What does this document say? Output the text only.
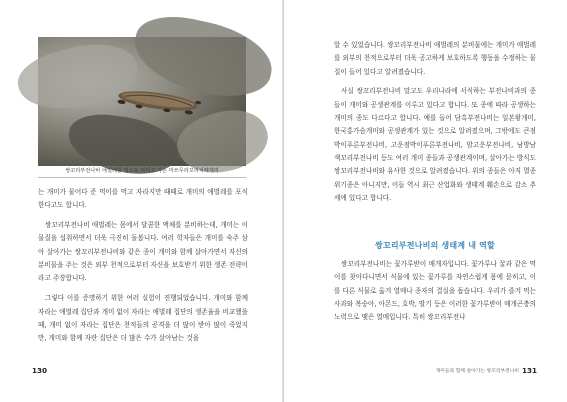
ⓒ 이강운
쌍꼬리부전나비 애벌레를 업으로 데리고 가는 마쓰무라꼬리치레개미

는 개미가 물어다 준 먹이를 먹고 자라지만 때때로 개미의 애벌레를 포식한다고도 합니다.

쌍꼬리부전나비 애벌레는 몸에서 달콤한 액체를 분비하는데, 개미는 이 물질을 섭취하면서 더욱 극진히 돌봅니다. 여러 학자들은 개미를 숙주 삼아 살아가는 쌍꼬리부전나비와 같은 종이 개미와 함께 살아가면서 자신의 분비물을 주는 것은 외부 천적으로부터 자신을 보호받기 위한 생존 전략이라고 주장합니다.

그렇다 이를 증명하기 위한 여러 실험이 진행되었습니다. 개미와 함께 자라는 애벌레 집단과 개미 없이 자라는 애벌레 집단의 생존율을 비교했을 때, 개미 없이 자라는 집단은 천적들의 공격을 더 많이 받아 많이 죽었지만, 개미와 함께 자란 집단은 더 많은 수가 살아남는 것을

130

알 수 있었습니다. 쌍꼬리부전나비 애벌레의 분비물에는 개미가 애벌레를 외부의 천적으로부터 더욱 공고하게 보호하도록 행동을 수정하는 물질이 들어 있다고 알려졌습니다.

사실 쌍꼬리부전나비 말고도 우리나라에 서식하는 부전나비과의 종들이 개미와 공생관계를 이루고 있다고 합니다. 또 종에 따라 공생하는 개미의 종도 다르다고 합니다. 예를 들어 담흑부전나비는 일본왕개미, 한국홍가슴개미와 공생관계가 있는 것으로 알려졌으며, 그밖에도 큰점박이푸른부전나비, 고운점박이푸른부전나비, 암고운부전나비, 남방남색꼬리부전나비 등도 여러 개미 종들과 공생관계이며, 살아가는 방식도 쌍꼬리부전나비와 유사한 것으로 알려졌습니다. 위의 종들은 아직 멸종위기종은 아니지만, 이들 역시 최근 산업화와 생태계 훼손으로 감소 추세에 있다고 합니다.

쌍꼬리부전나비의 생태계 내 역할

쌍꼬리부전나비는 꽃가루받이 매개자입니다. 꽃가루나 꿀과 같은 먹이를 찾아다니면서 식물에 있는 꽃가루를 자연스럽게 몸에 묻히고, 이를 다른 식물로 옮겨 열매나 종자의 결실을 돕습니다. 우리가 즐겨 먹는 사과와 복숭아, 아몬드, 호박, 딸기 등은 이러한 꽃가루받이 매개곤충의 노력으로 맺은 열매입니다. 특히 쌍꼬리부전나

개미들과 함께 살아가는 쌍꼬리부전나비 131
